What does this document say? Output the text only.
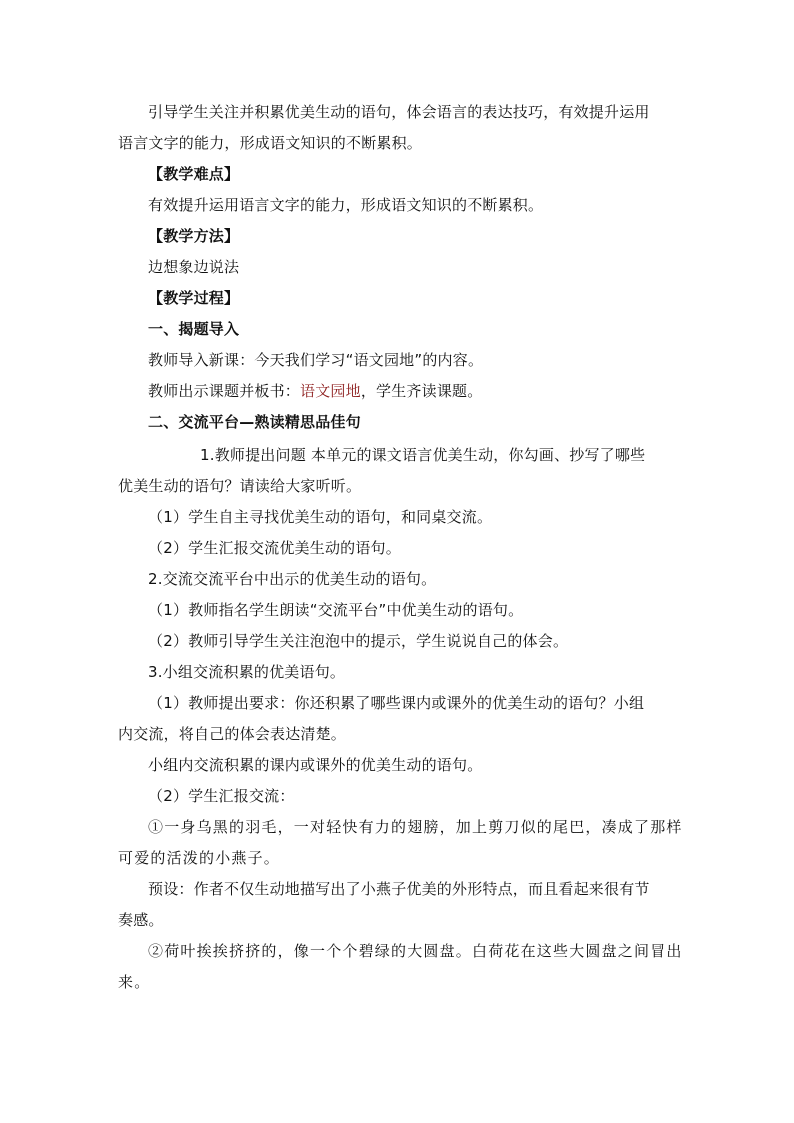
引导学生关注并积累优美生动的语句，体会语言的表达技巧，有效提升运用
语言文字的能力，形成语文知识的不断累积。
【教学难点】
有效提升运用语言文字的能力，形成语文知识的不断累积。
【教学方法】
边想象边说法
【教学过程】
一、揭题导入
教师导入新课：今天我们学习“语文园地”的内容。
教师出示课题并板书：语文园地，学生齐读课题。
二、交流平台—熟读精思品佳句
1.教师提出问题 本单元的课文语言优美生动，你勾画、抄写了哪些
优美生动的语句？请读给大家听听。
（1）学生自主寻找优美生动的语句，和同桌交流。
（2）学生汇报交流优美生动的语句。
2.交流交流平台中出示的优美生动的语句。
（1）教师指名学生朗读“交流平台”中优美生动的语句。
（2）教师引导学生关注泡泡中的提示，学生说说自己的体会。
3.小组交流积累的优美语句。
（1）教师提出要求：你还积累了哪些课内或课外的优美生动的语句？小组
内交流，将自己的体会表达清楚。
小组内交流积累的课内或课外的优美生动的语句。
（2）学生汇报交流：
①一身乌黑的羽毛，一对轻快有力的翅膀，加上剪刀似的尾巴，凑成了那样
可爱的活泼的小燕子。
预设：作者不仅生动地描写出了小燕子优美的外形特点，而且看起来很有节
奏感。
②荷叶挨挨挤挤的，像一个个碧绿的大圆盘。白荷花在这些大圆盘之间冒出
来。
